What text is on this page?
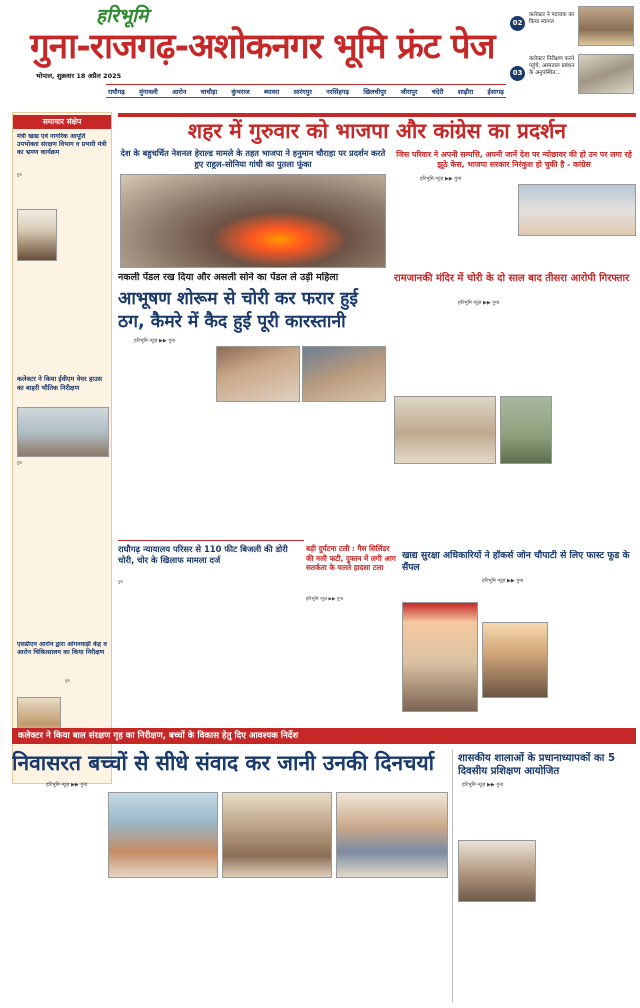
हरिभूमि
गुना-राजगढ़-अशोकनगर भूमि फ्रंट पेज
भोपाल, शुक्रवार 18 अप्रैल 2025
02
कलेक्टर ने पदयात्रा का किया स्वागत
03
कलेक्टर निरीक्षण करने पहुंचे, अस्पताल प्रबंधन के अनुपस्थित...
राघौगढ़ मुंगावली आरोन चाचौड़ा कुंभराज ब्यावरा सारंगपुर नरसिंहगढ़ खिलचीपुर जीरापुर चंदेरी शाढ़ौरा ईसागढ़
समाचार संक्षेप
मंत्री खाद्य एवं नागरिक आपूर्ति उपभोक्ता संरक्षण विभाग व प्रभारी मंत्री का भ्रमण कार्यक्रम
गुना
कलेक्टर ने किया ईवीएम वेयर हाउस का बाहरी भौतिक निरीक्षण
गुना
एसडीएम आरोन द्वारा आंगनवाड़ी केंद्र व आरोन चिकित्सालय का किया निरीक्षण
गुना
शहर में गुरुवार को भाजपा और कांग्रेस का प्रदर्शन
देश के बहुचर्चित नेशनल हेराल्ड मामले के तहत भाजपा ने हनुमान चौराहा पर प्रदर्शन करते हुए राहुल-सोनिया गांधी का पुतला फूंका
जिस परिवार ने अपनी सम्पत्ति, अपनी जानें देश पर न्योछावर की हो उन पर लगा रहे झूठे केस, भाजपा सरकार निरंकुश हो चुकी है - कांग्रेस
हरिभूमि न्यूज़ ▶▶ गुना
नकली पेंडल रख दिया और असली सोने का पेंडल ले उड़ी महिला
आभूषण शोरूम से चोरी कर फरार हुई ठग, कैमरे में कैद हुई पूरी कारस्तानी
हरिभूमि न्यूज़ ▶▶ गुना
रामजानकी मंदिर में चोरी के दो साल बाद तीसरा आरोपी गिरफ्तार
हरिभूमि न्यूज़ ▶▶ गुना
राघौगढ़ न्यायालय परिसर से 110 फीट बिजली की डोरी चोरी, चोर के खिलाफ मामला दर्ज
गुना
बड़ी दुर्घटना टली : गैस सिलिंडर की नली फटी, दुकान में लगी आग सतर्कता के चलते हादसा टला
हरिभूमि न्यूज़ ▶▶ गुना
खाद्य सुरक्षा अधिकारियों ने हॉकर्स जोन चौपाटी से लिए फास्ट फूड के सैंपल
हरिभूमि न्यूज़ ▶▶ गुना
कलेक्टर ने किया बाल संरक्षण गृह का निरीक्षण, बच्चों के विकास हेतु दिए आवश्यक निर्देश
निवासरत बच्चों से सीधे संवाद कर जानी उनकी दिनचर्या
हरिभूमि न्यूज़ ▶▶ गुना
शासकीय शालाओं के प्रधानाध्यापकों का 5 दिवसीय प्रशिक्षण आयोजित
हरिभूमि न्यूज़ ▶▶ गुना
